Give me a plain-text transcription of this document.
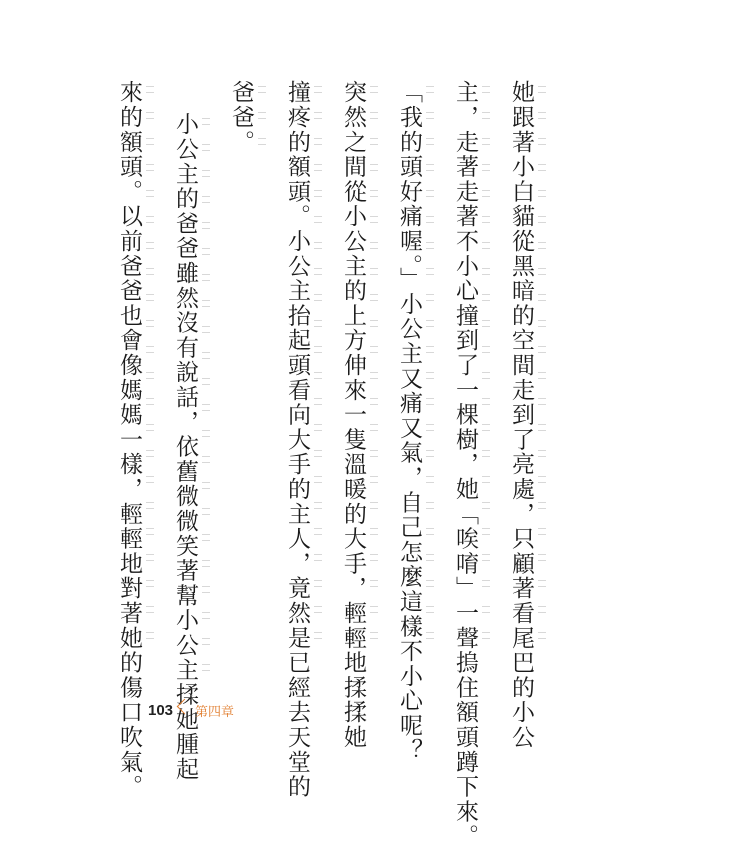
她跟著小白貓從黑暗的空間走到了亮處，只顧著看尾巴的小公
主，走著走著不小心撞到了一棵樹，她「唉唷」一聲摀住額頭蹲下來。
「我的頭好痛喔。」小公主又痛又氣，自己怎麼這樣不小心呢？
突然之間從小公主的上方伸來一隻溫暖的大手，輕輕地揉揉她
撞疼的額頭。小公主抬起頭看向大手的主人，竟然是已經去天堂的
爸爸。
小公主的爸爸雖然沒有說話，依舊微微笑著幫小公主揉她腫起
來的額頭。以前爸爸也會像媽媽一樣，輕輕地對著她的傷口吹氣。 103 第四章
